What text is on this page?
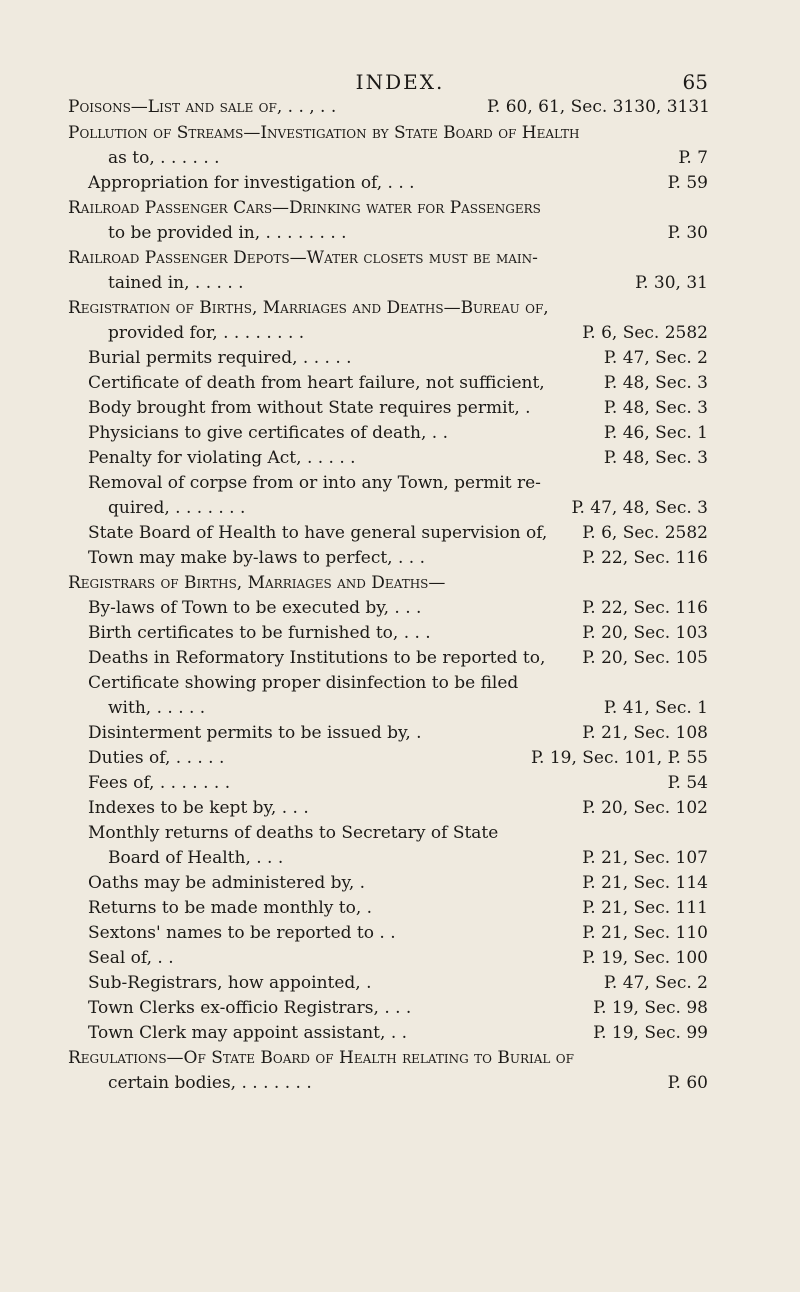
INDEX.	65
Poisons—List and sale of, . . , . .	P. 60, 61, Sec. 3130, 3131
Pollution of Streams—Investigation by State Board of Health
as to, . . . . . .	P. 7
Appropriation for investigation of, . . .	P. 59
Railroad Passenger Cars—Drinking water for Passengers
to be provided in, . . . . . . . .	P. 30
Railroad Passenger Depots—Water closets must be main-
tained in, . . . . .	P. 30, 31
Registration of Births, Marriages and Deaths—Bureau of,
provided for, . . . . . . . .	P. 6, Sec. 2582
Burial permits required, . . . . .	P. 47, Sec. 2
Certificate of death from heart failure, not sufficient,	P. 48, Sec. 3
Body brought from without State requires permit, .	P. 48, Sec. 3
Physicians to give certificates of death, . .	P. 46, Sec. 1
Penalty for violating Act, . . . . .	P. 48, Sec. 3
Removal of corpse from or into any Town, permit re-
quired, . . . . . . .	P. 47, 48, Sec. 3
State Board of Health to have general supervision of, P. 6, Sec. 2582
Town may make by-laws to perfect, . . .	P. 22, Sec. 116
Registrars of Births, Marriages and Deaths—
By-laws of Town to be executed by, . . .	P. 22, Sec. 116
Birth certificates to be furnished to, . . .	P. 20, Sec. 103
Deaths in Reformatory Institutions to be reported to, P. 20, Sec. 105
Certificate showing proper disinfection to be filed
with, . . . . .	P. 41, Sec. 1
Disinterment permits to be issued by, .	P. 21, Sec. 108
Duties of, . . . . .	P. 19, Sec. 101, P. 55
Fees of, . . . . . . .	P. 54
Indexes to be kept by, . . .	P. 20, Sec. 102
Monthly returns of deaths to Secretary of State
Board of Health, . . .	P. 21, Sec. 107
Oaths may be administered by, .	P. 21, Sec. 114
Returns to be made monthly to, .	P. 21, Sec. 111
Sextons' names to be reported to . .	P. 21, Sec. 110
Seal of, . .	P. 19, Sec. 100
Sub-Registrars, how appointed, .	P. 47, Sec. 2
Town Clerks ex-officio Registrars, . . .	P. 19, Sec. 98
Town Clerk may appoint assistant, . .	P. 19, Sec. 99
Regulations—Of State Board of Health relating to Burial of
certain bodies, . . . . . . .	P. 60
